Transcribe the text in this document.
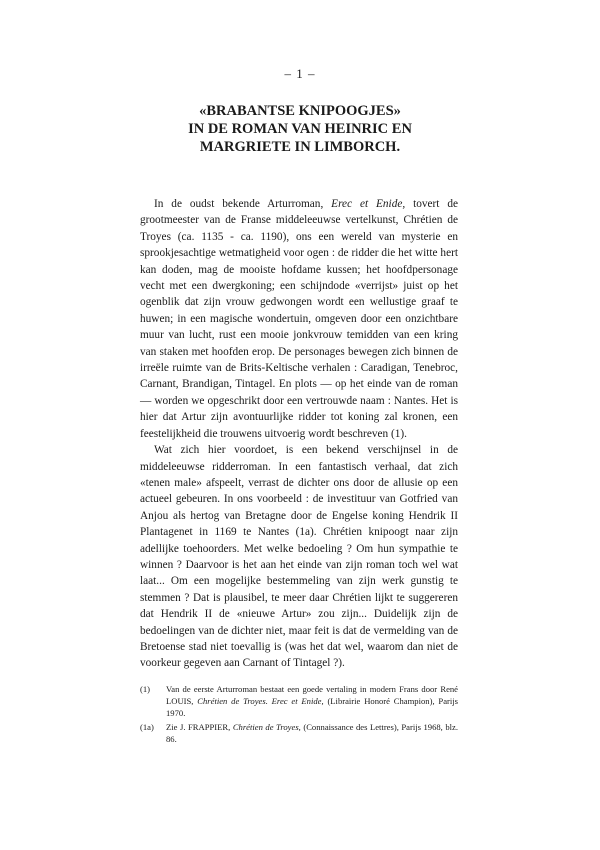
– 1 –
«BRABANTSE KNIPOOGJES»
IN DE ROMAN VAN HEINRIC EN
MARGRIETE IN LIMBORCH.

In de oudst bekende Arturroman, Erec et Enide, tovert de grootmeester van de Franse middeleeuwse vertelkunst, Chrétien de Troyes (ca. 1135 - ca. 1190), ons een wereld van mysterie en sprookjesachtige wetmatigheid voor ogen : de ridder die het witte hert kan doden, mag de mooiste hofdame kussen; het hoofdpersonage vecht met een dwergkoning; een schijndode «verrijst» juist op het ogenblik dat zijn vrouw gedwongen wordt een wellustige graaf te huwen; in een magische wondertuin, omgeven door een onzichtbare muur van lucht, rust een mooie jonkvrouw temidden van een kring van staken met hoofden erop. De personages bewegen zich binnen de irreële ruimte van de Brits-Keltische verhalen : Caradigan, Tenebroc, Carnant, Brandigan, Tintagel. En plots — op het einde van de roman — worden we opgeschrikt door een vertrouwde naam : Nantes. Het is hier dat Artur zijn avontuurlijke ridder tot koning zal kronen, een feestelijkheid die trouwens uitvoerig wordt beschreven (1).

Wat zich hier voordoet, is een bekend verschijnsel in de middeleeuwse ridderroman. In een fantastisch verhaal, dat zich «tenen male» afspeelt, verrast de dichter ons door de allusie op een actueel gebeuren. In ons voorbeeld : de investituur van Gotfried van Anjou als hertog van Bretagne door de Engelse koning Hendrik II Plantagenet in 1169 te Nantes (1a). Chrétien knipoogt naar zijn adellijke toehoorders. Met welke bedoeling ? Om hun sympathie te winnen ? Daarvoor is het aan het einde van zijn roman toch wel wat laat... Om een mogelijke bestemmeling van zijn werk gunstig te stemmen ? Dat is plausibel, te meer daar Chrétien lijkt te suggereren dat Hendrik II de «nieuwe Artur» zou zijn... Duidelijk zijn de bedoelingen van de dichter niet, maar feit is dat de vermelding van de Bretoense stad niet toevallig is (was het dat wel, waarom dan niet de voorkeur gegeven aan Carnant of Tintagel ?).

(1)	Van de eerste Arturroman bestaat een goede vertaling in modern Frans door René LOUIS, Chrétien de Troyes. Erec et Enide, (Librairie Honoré Champion), Parijs 1970.
(1a)	Zie J. FRAPPIER, Chrétien de Troyes, (Connaissance des Lettres), Parijs 1968, blz. 86.
